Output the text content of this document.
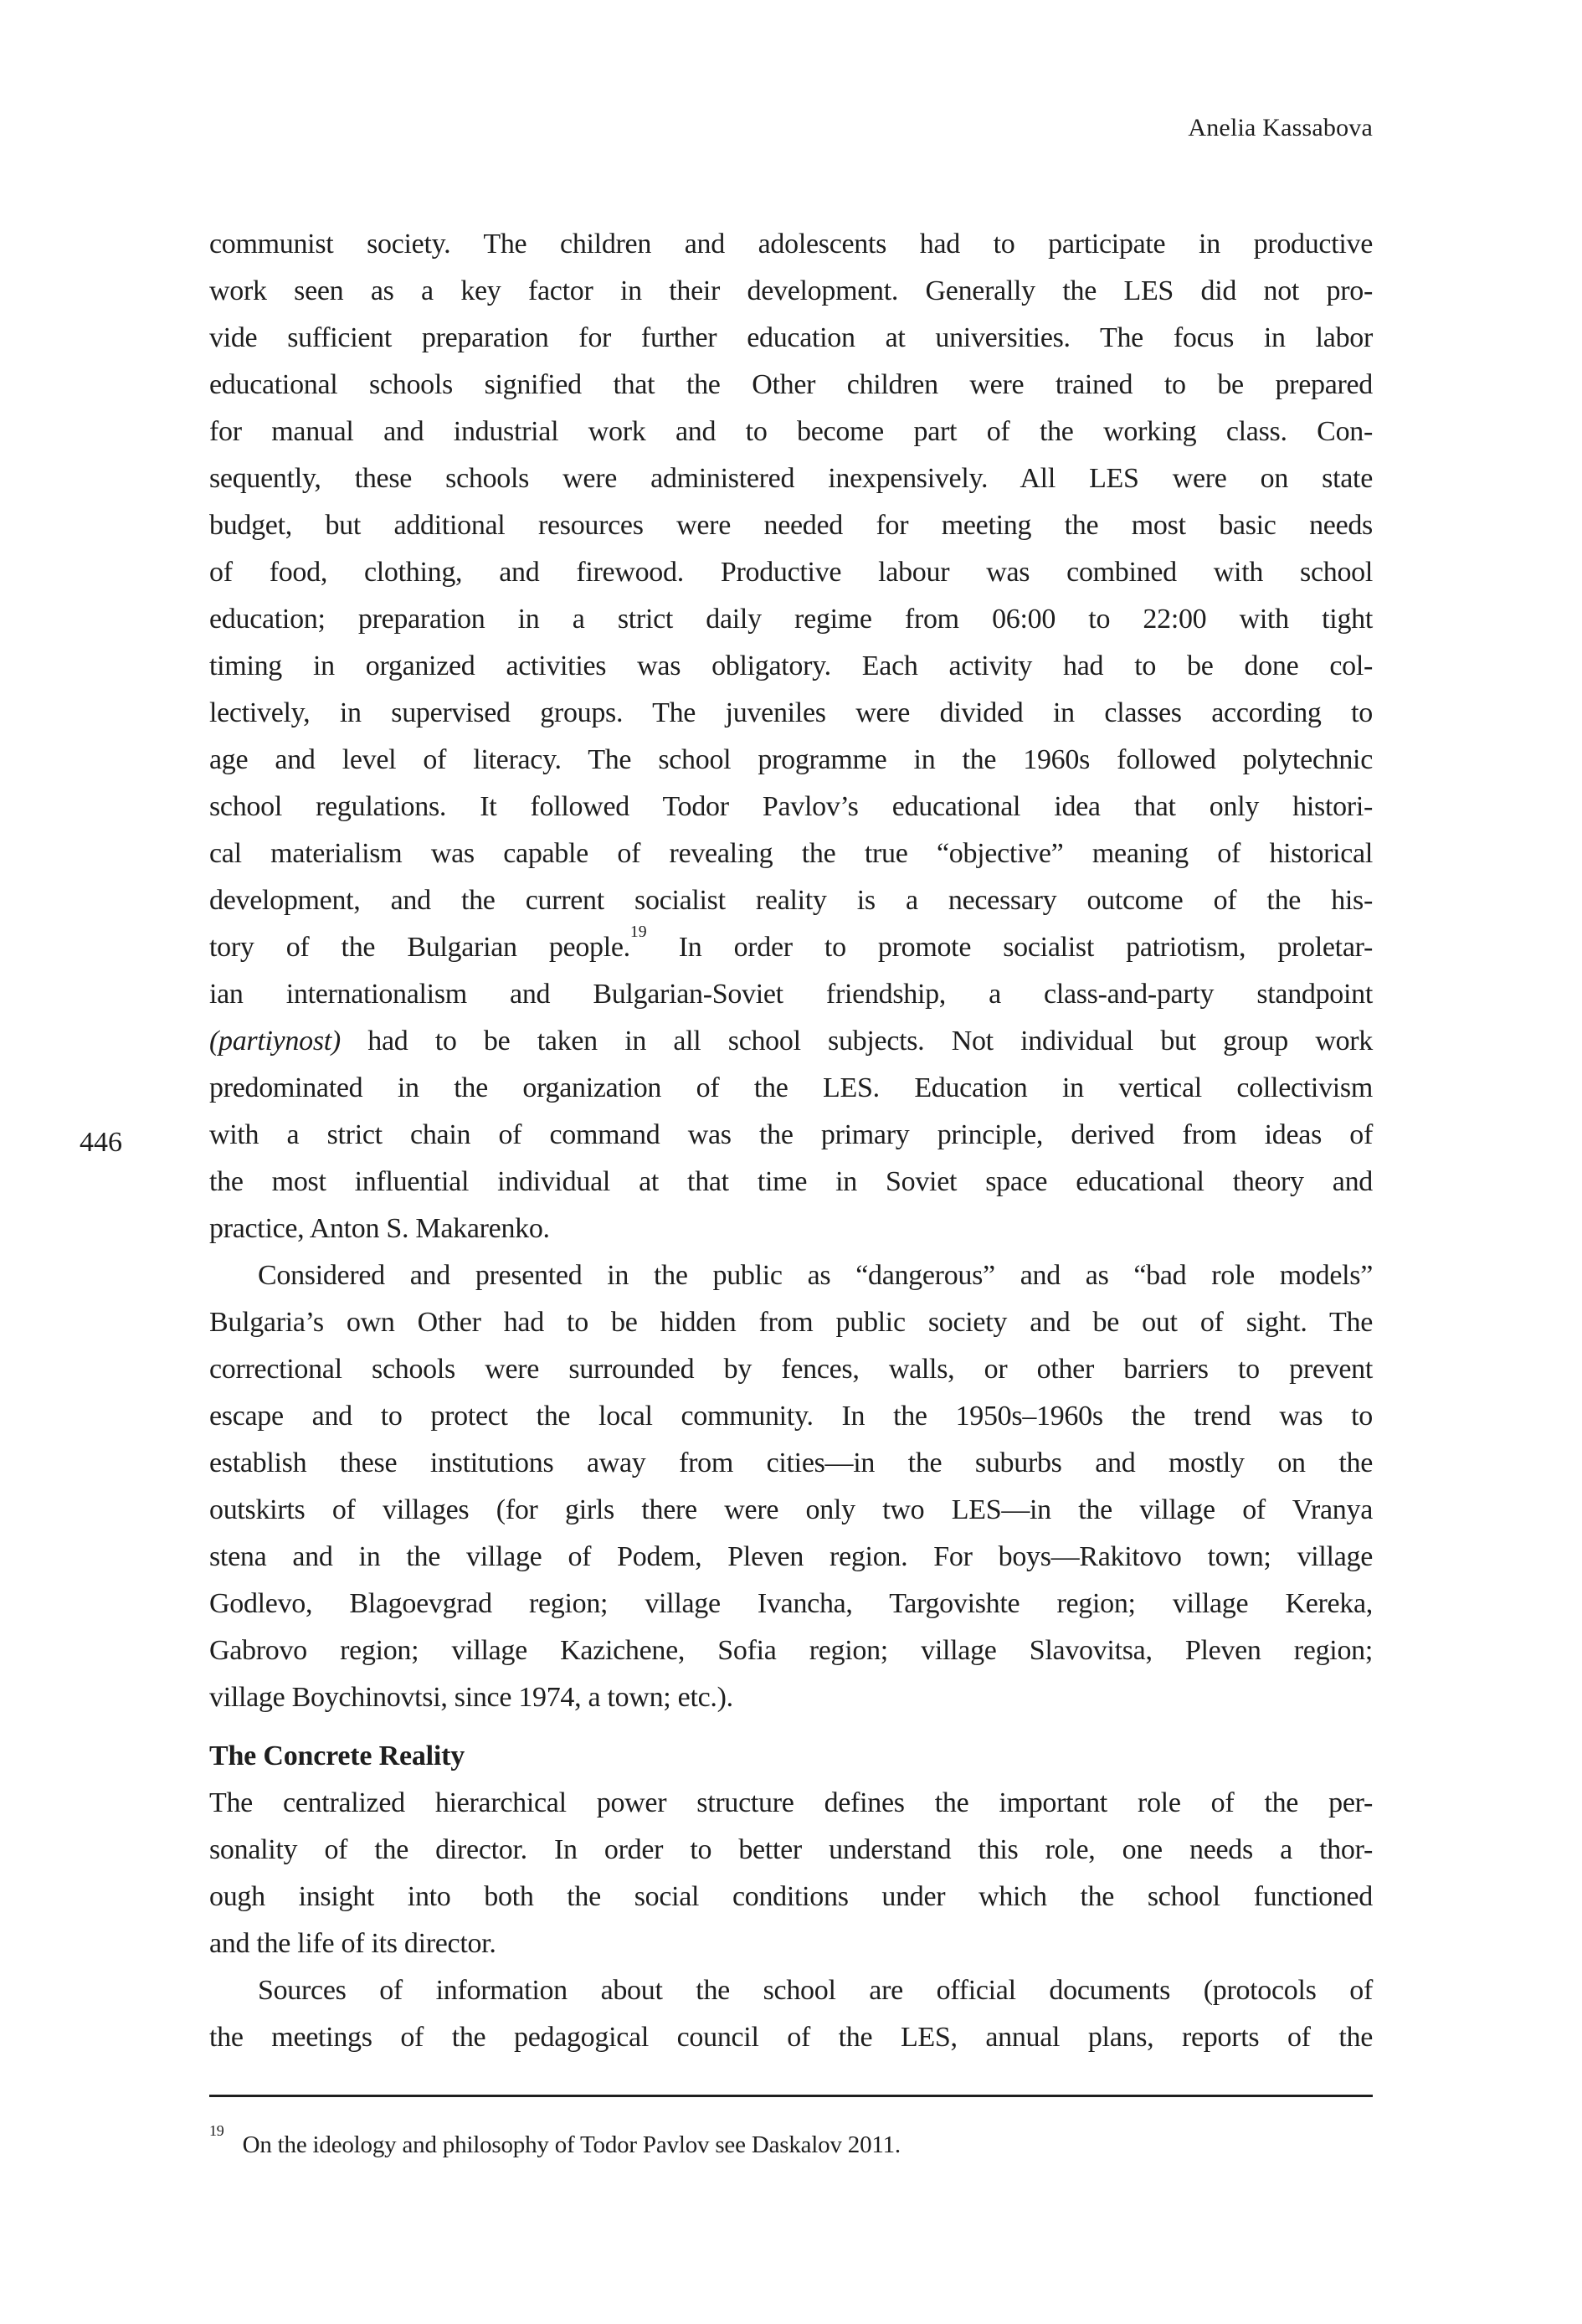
Anelia Kassabova
446
communist society. The children and adolescents had to participate in productive
work seen as a key factor in their development. Generally the LES did not pro-
vide sufficient preparation for further education at universities. The focus in labor
educational schools signified that the Other children were trained to be prepared
for manual and industrial work and to become part of the working class. Con-
sequently, these schools were administered inexpensively. All LES were on state
budget, but additional resources were needed for meeting the most basic needs
of food, clothing, and firewood. Productive labour was combined with school
education; preparation in a strict daily regime from 06:00 to 22:00 with tight
timing in organized activities was obligatory. Each activity had to be done col-
lectively, in supervised groups. The juveniles were divided in classes according to
age and level of literacy. The school programme in the 1960s followed polytechnic
school regulations. It followed Todor Pavlov’s educational idea that only histori-
cal materialism was capable of revealing the true “objective” meaning of historical
development, and the current socialist reality is a necessary outcome of the his-
tory of the Bulgarian people.$^{19}$ In order to promote socialist patriotism, proletar-
ian internationalism and Bulgarian-Soviet friendship, a class-and-party standpoint
(partiynost) had to be taken in all school subjects. Not individual but group work
predominated in the organization of the LES. Education in vertical collectivism
with a strict chain of command was the primary principle, derived from ideas of
the most influential individual at that time in Soviet space educational theory and
practice, Anton S. Makarenko.
Considered and presented in the public as “dangerous” and as “bad role models”
Bulgaria’s own Other had to be hidden from public society and be out of sight. The
correctional schools were surrounded by fences, walls, or other barriers to prevent
escape and to protect the local community. In the 1950s–1960s the trend was to
establish these institutions away from cities—in the suburbs and mostly on the
outskirts of villages (for girls there were only two LES—in the village of Vranya
stena and in the village of Podem, Pleven region. For boys—Rakitovo town; village
Godlevo, Blagoevgrad region; village Ivancha, Targovishte region; village Kereka,
Gabrovo region; village Kazichene, Sofia region; village Slavovitsa, Pleven region;
village Boychinovtsi, since 1974, a town; etc.).
The Concrete Reality
The centralized hierarchical power structure defines the important role of the per-
sonality of the director. In order to better understand this role, one needs a thor-
ough insight into both the social conditions under which the school functioned
and the life of its director.
Sources of information about the school are official documents (protocols of
the meetings of the pedagogical council of the LES, annual plans, reports of the
$^{19}$On the ideology and philosophy of Todor Pavlov see Daskalov 2011.
